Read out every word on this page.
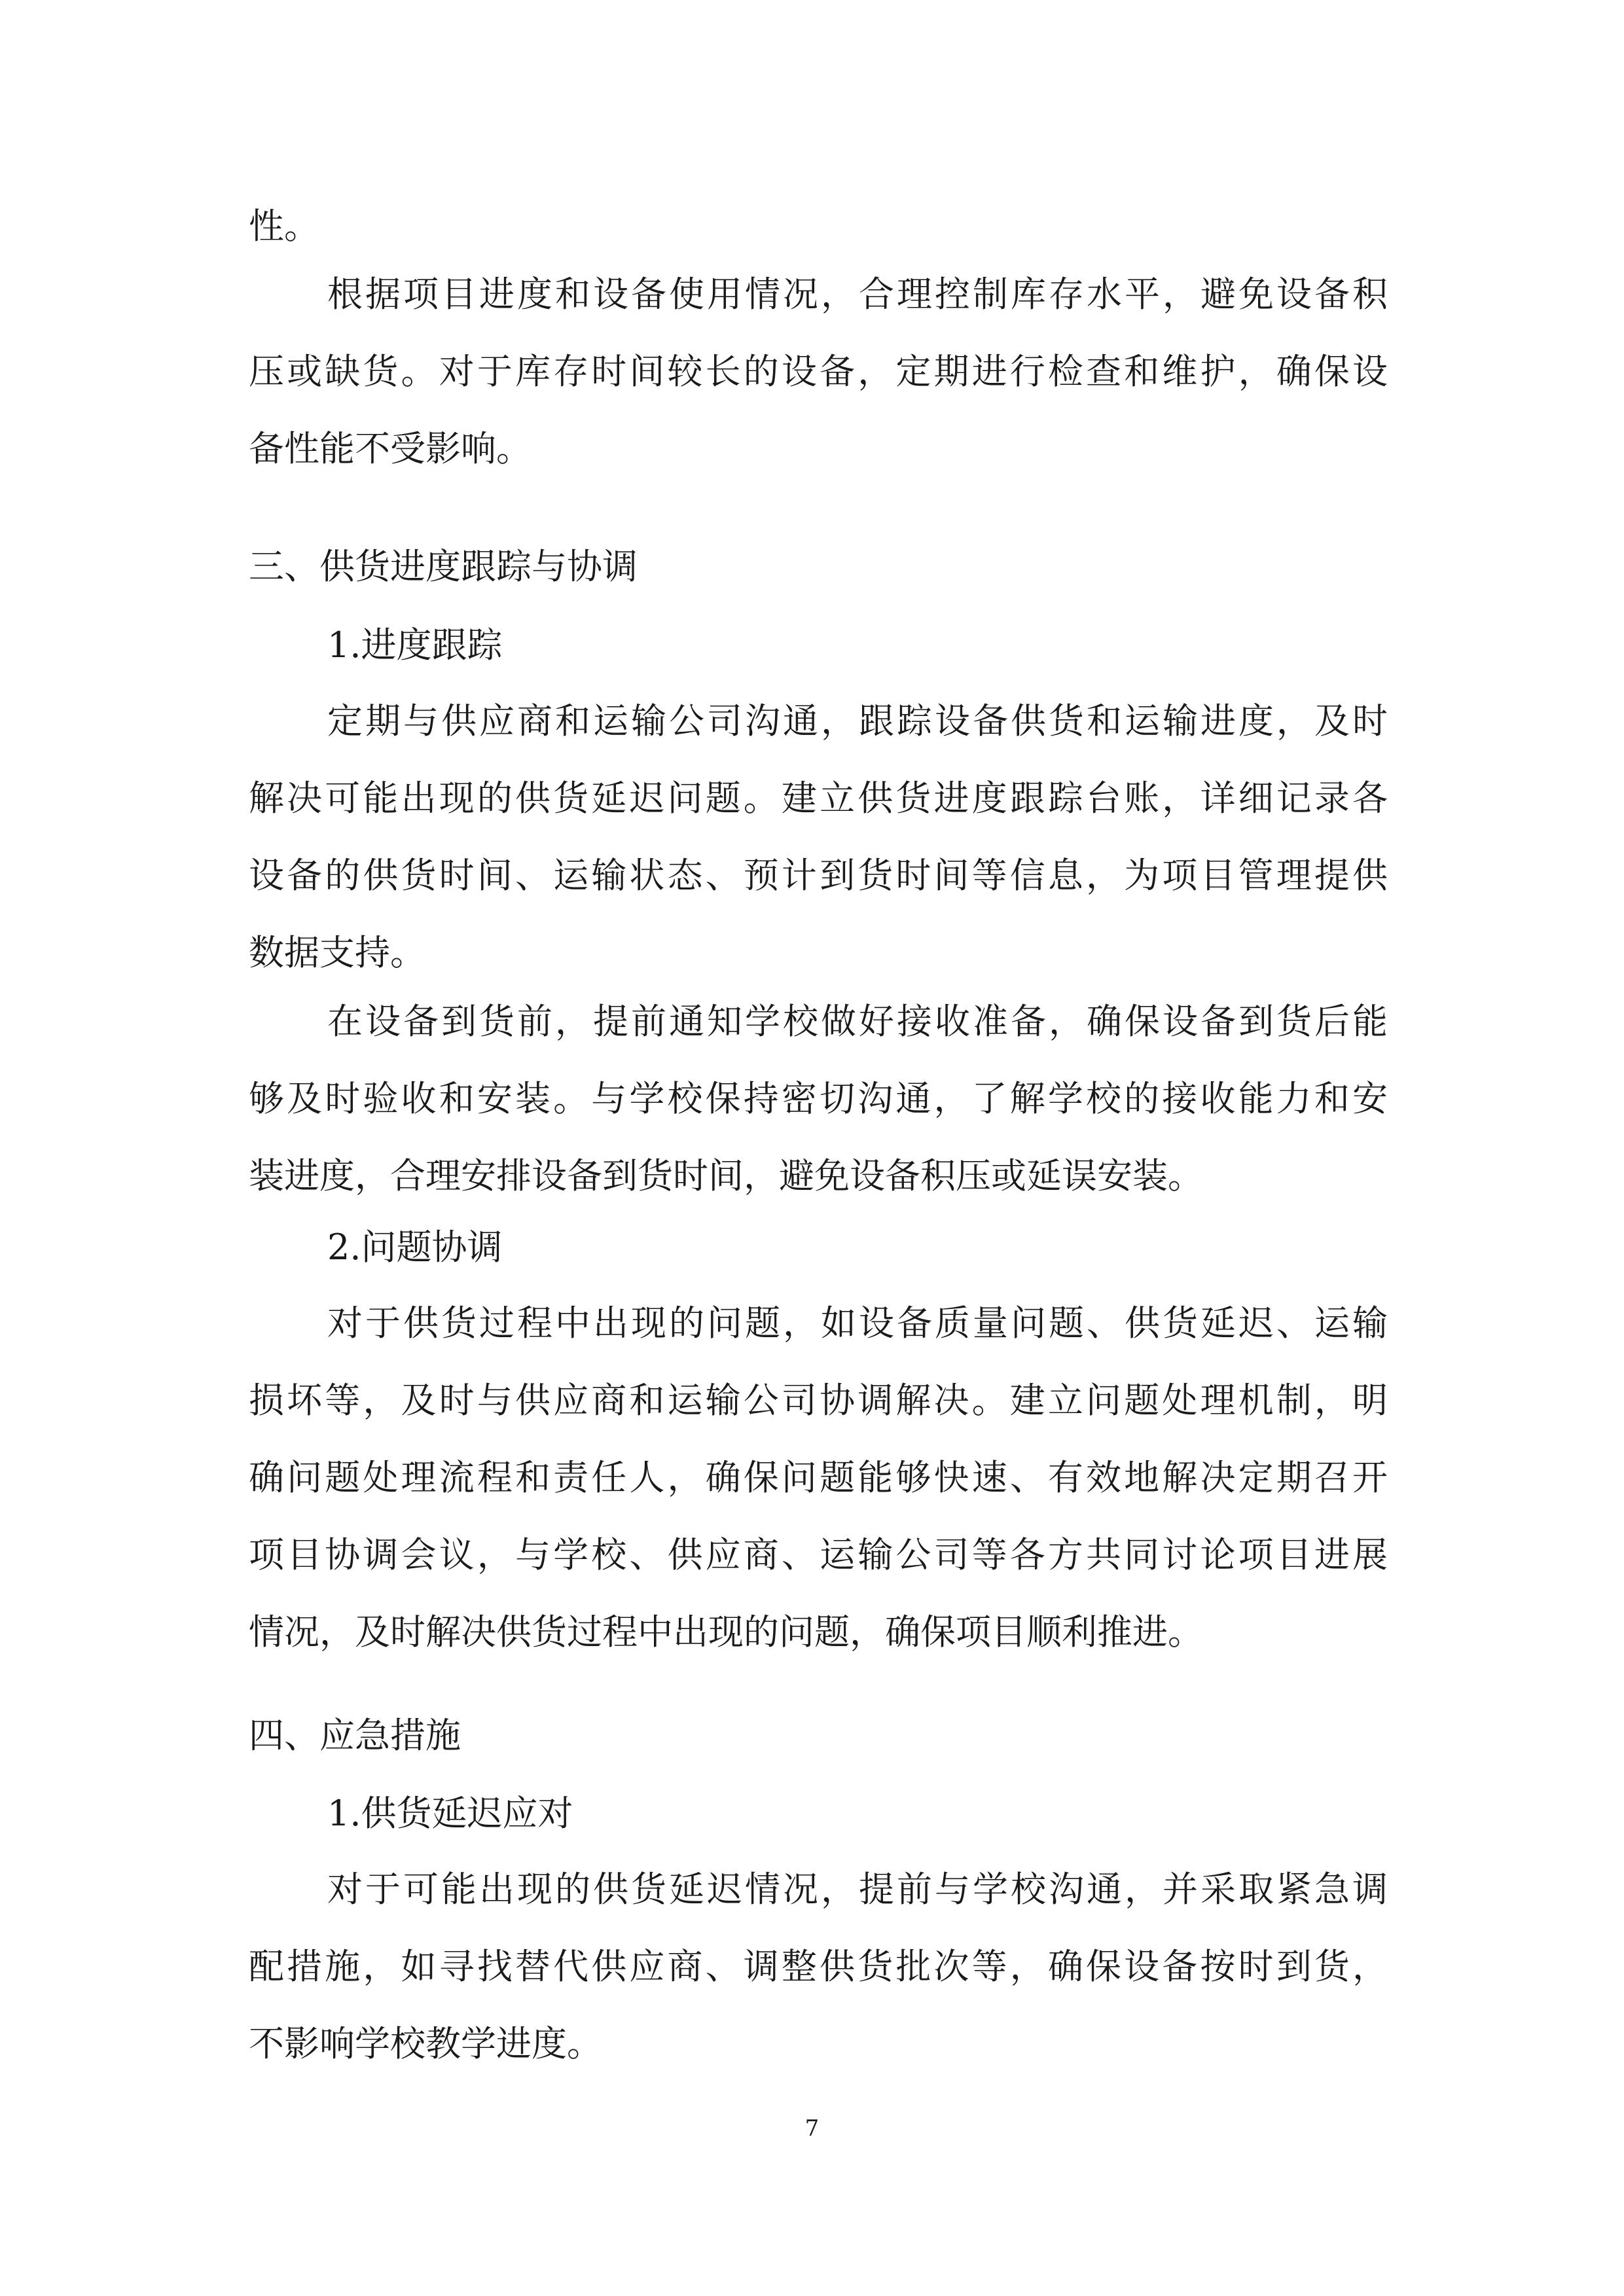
性。
根据项目进度和设备使用情况，合理控制库存水平，避免设备积
压或缺货。对于库存时间较长的设备，定期进行检查和维护，确保设
备性能不受影响。
三、供货进度跟踪与协调
1.进度跟踪
定期与供应商和运输公司沟通，跟踪设备供货和运输进度，及时
解决可能出现的供货延迟问题。建立供货进度跟踪台账，详细记录各
设备的供货时间、运输状态、预计到货时间等信息，为项目管理提供
数据支持。
在设备到货前，提前通知学校做好接收准备，确保设备到货后能
够及时验收和安装。与学校保持密切沟通，了解学校的接收能力和安
装进度，合理安排设备到货时间，避免设备积压或延误安装。
2.问题协调
对于供货过程中出现的问题，如设备质量问题、供货延迟、运输
损坏等，及时与供应商和运输公司协调解决。建立问题处理机制，明
确问题处理流程和责任人，确保问题能够快速、有效地解决定期召开
项目协调会议，与学校、供应商、运输公司等各方共同讨论项目进展
情况，及时解决供货过程中出现的问题，确保项目顺利推进。
四、应急措施
1.供货延迟应对
对于可能出现的供货延迟情况，提前与学校沟通，并采取紧急调
配措施，如寻找替代供应商、调整供货批次等，确保设备按时到货，
不影响学校教学进度。
7
